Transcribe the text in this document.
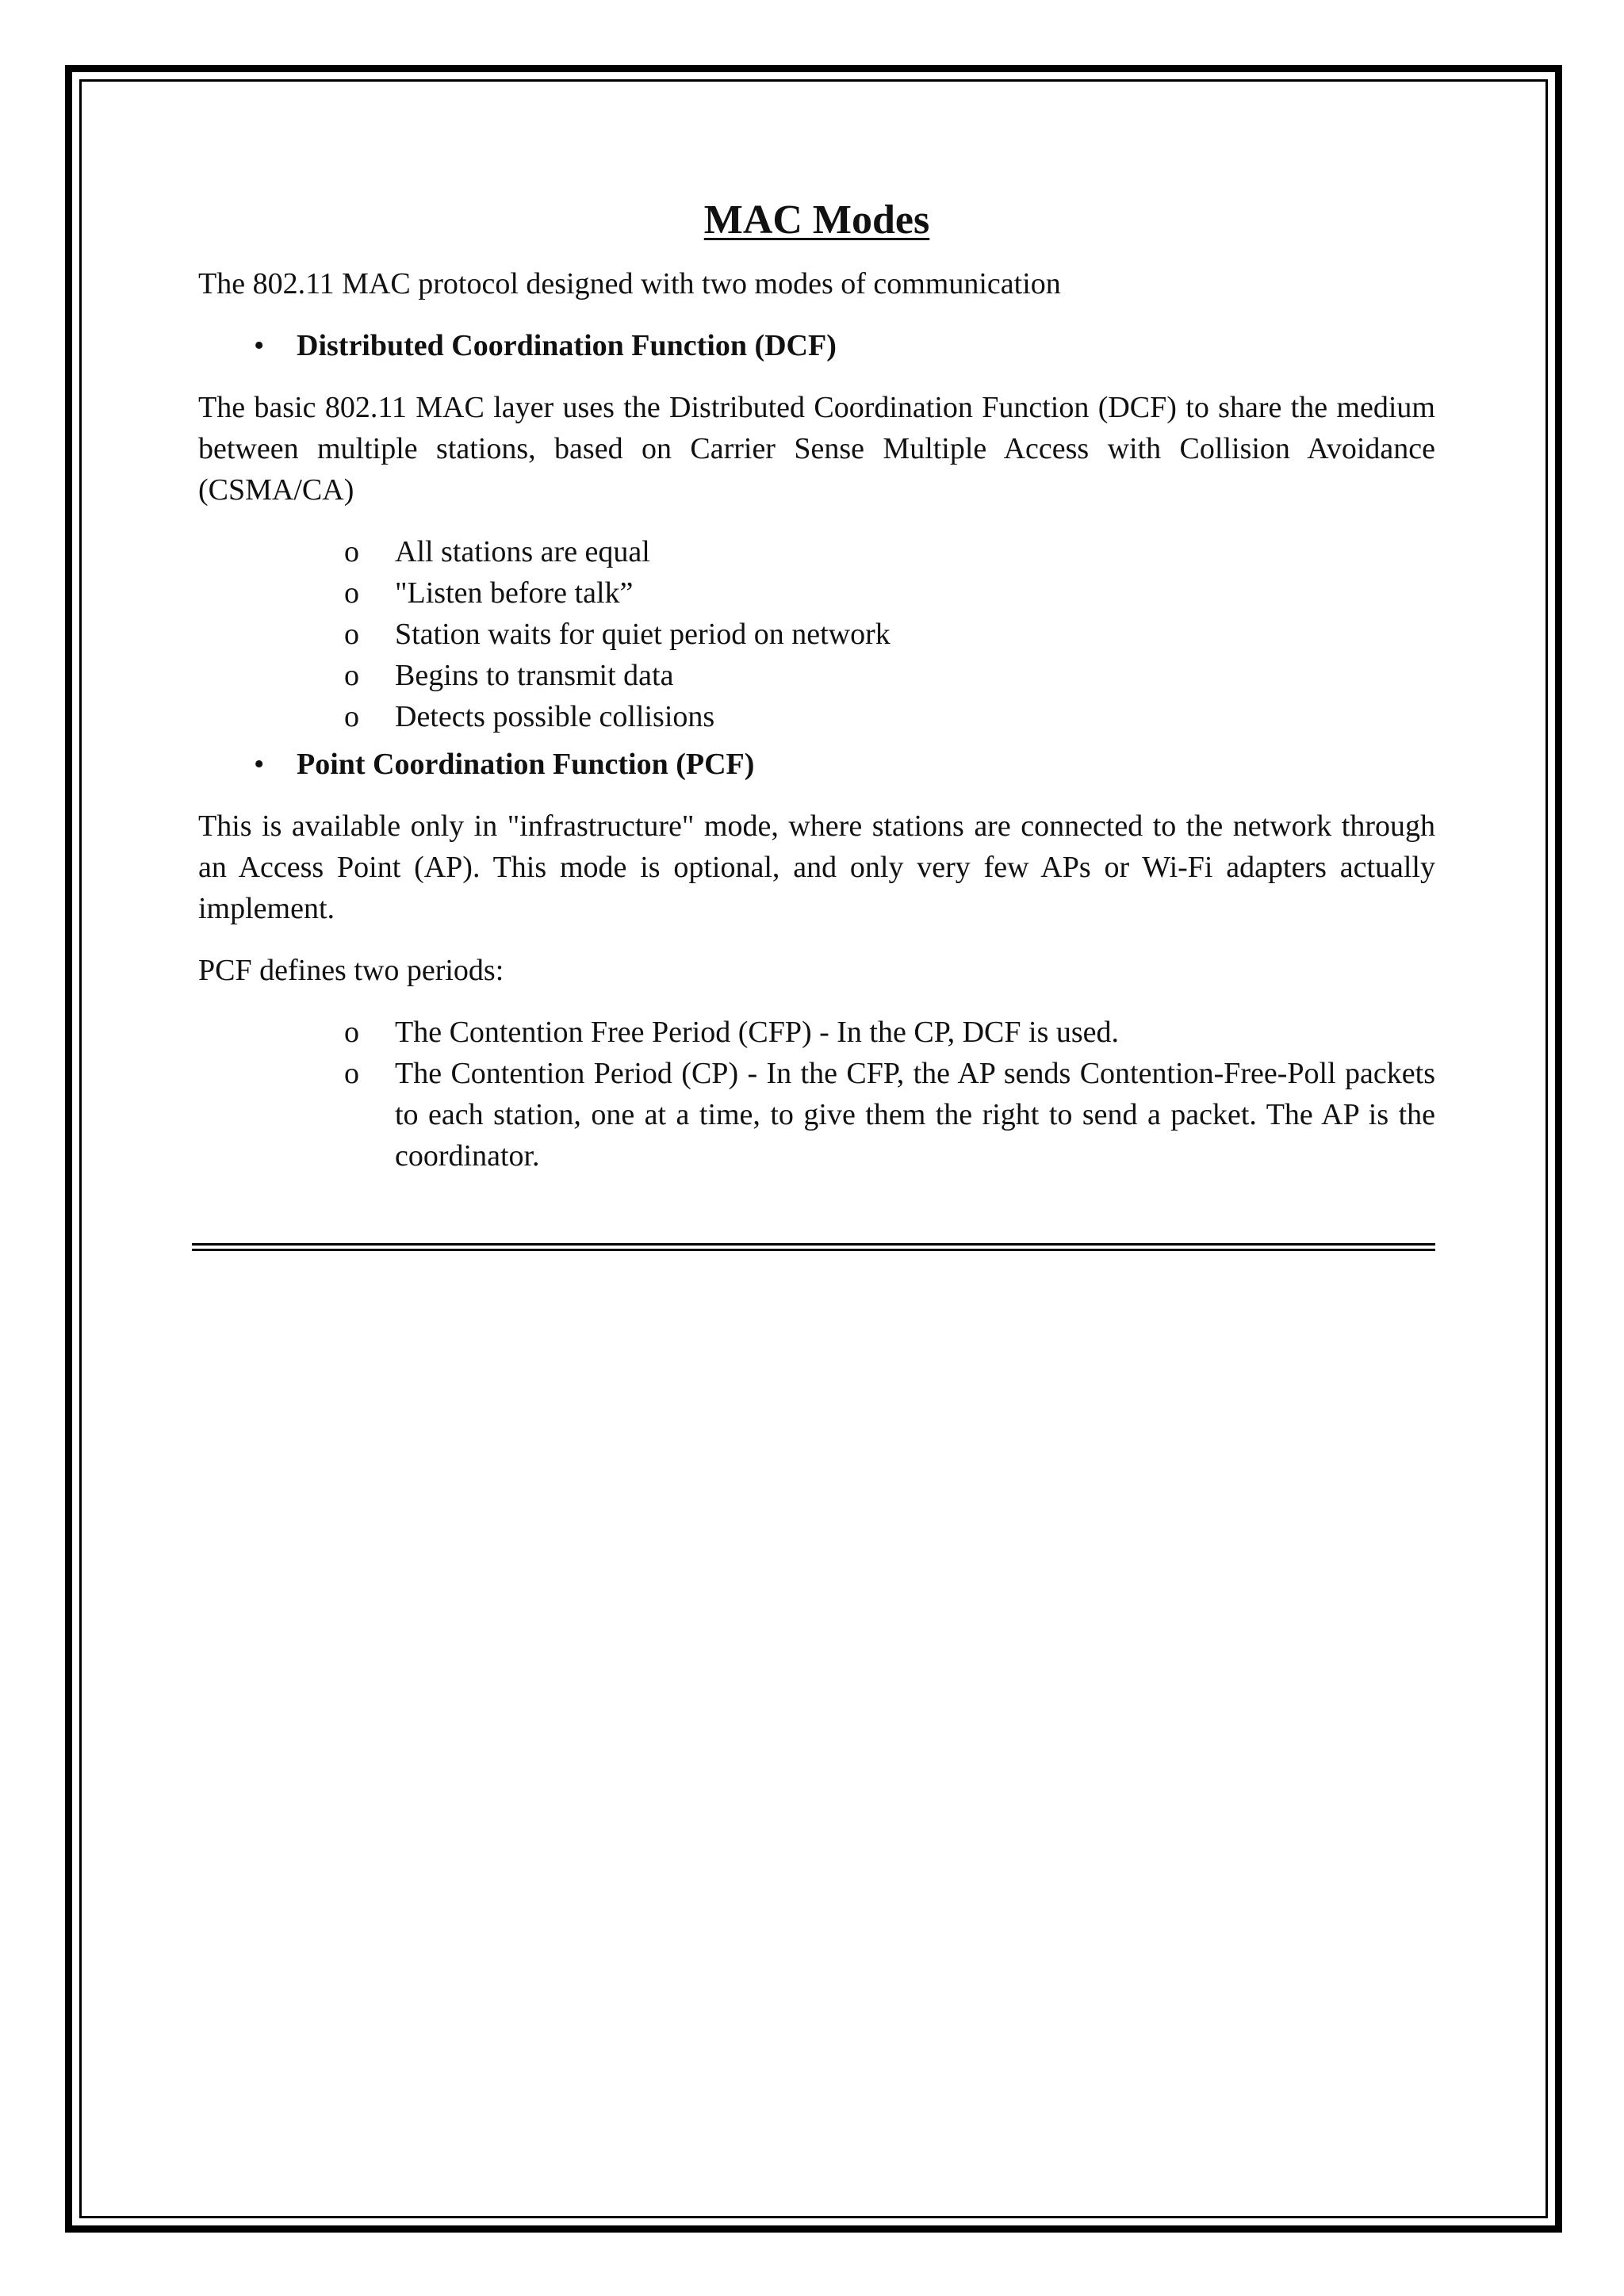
MAC Modes

The 802.11 MAC protocol designed with two modes of communication

• Distributed Coordination Function (DCF)

The basic 802.11 MAC layer uses the Distributed Coordination Function (DCF) to share the medium between multiple stations, based on Carrier Sense Multiple Access with Collision Avoidance (CSMA/CA)

o All stations are equal
o "Listen before talk”
o Station waits for quiet period on network
o Begins to transmit data
o Detects possible collisions
• Point Coordination Function (PCF)

This is available only in "infrastructure" mode, where stations are connected to the network through an Access Point (AP). This mode is optional, and only very few APs or Wi-Fi adapters actually implement.

PCF defines two periods:

o The Contention Free Period (CFP) - In the CP, DCF is used.
o The Contention Period (CP) - In the CFP, the AP sends Contention-Free-Poll packets to each station, one at a time, to give them the right to send a packet. The AP is the coordinator.
